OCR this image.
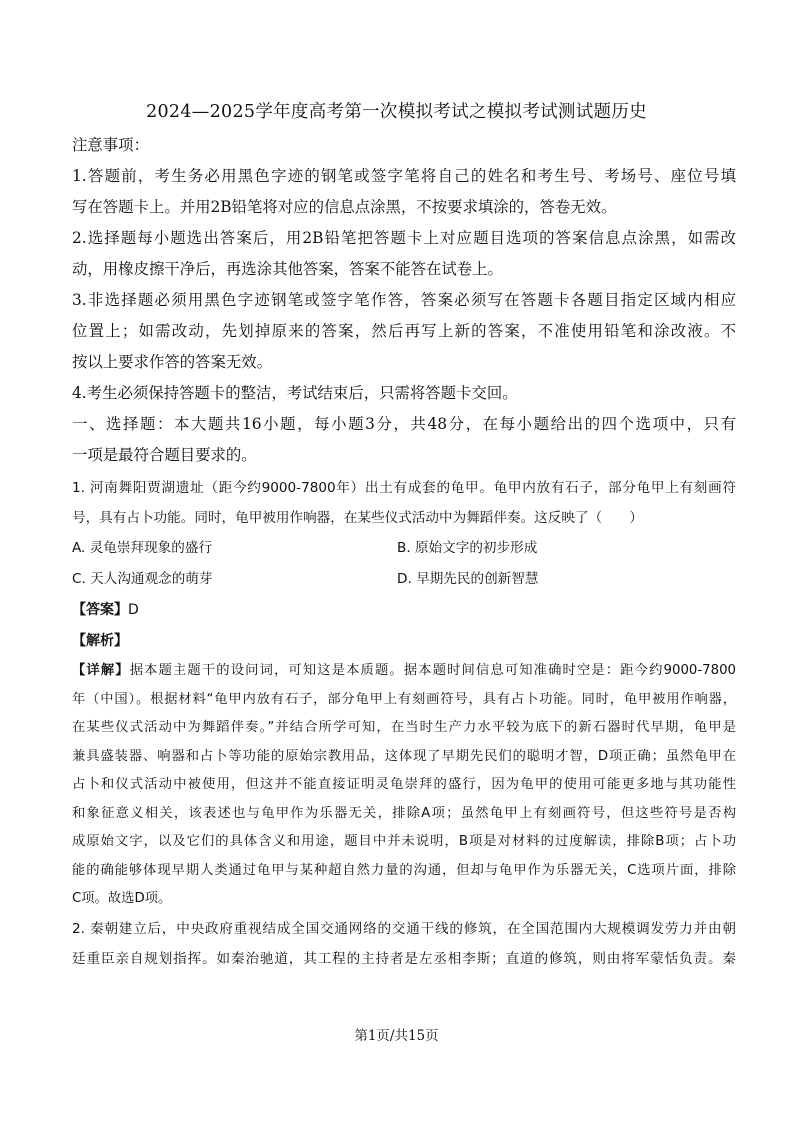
2024—2025学年度高考第一次模拟考试之模拟考试测试题历史
注意事项：
1.答题前，考生务必用黑色字迹的钢笔或签字笔将自己的姓名和考生号、考场号、座位号填
写在答题卡上。并用2B铅笔将对应的信息点涂黑，不按要求填涂的，答卷无效。
2.选择题每小题选出答案后，用2B铅笔把答题卡上对应题目选项的答案信息点涂黑，如需改
动，用橡皮擦干净后，再选涂其他答案，答案不能答在试卷上。
3.非选择题必须用黑色字迹钢笔或签字笔作答，答案必须写在答题卡各题目指定区域内相应
位置上；如需改动，先划掉原来的答案，然后再写上新的答案，不准使用铅笔和涂改液。不
按以上要求作答的答案无效。
4.考生必须保持答题卡的整洁，考试结束后，只需将答题卡交回。
一、选择题：本大题共16小题，每小题3分，共48分，在每小题给出的四个选项中，只有
一项是最符合题目要求的。
1. 河南舞阳贾湖遗址（距今约9000-7800年）出土有成套的龟甲。龟甲内放有石子，部分龟甲上有刻画符
号，具有占卜功能。同时，龟甲被用作响器，在某些仪式活动中为舞蹈伴奏。这反映了（　　）
A. 灵龟崇拜现象的盛行	B. 原始文字的初步形成
C. 天人沟通观念的萌芽	D. 早期先民的创新智慧
【答案】D
【解析】
【详解】据本题主题干的设问词，可知这是本质题。据本题时间信息可知准确时空是：距今约9000-7800
年（中国）。根据材料“龟甲内放有石子，部分龟甲上有刻画符号，具有占卜功能。同时，龟甲被用作响器，
在某些仪式活动中为舞蹈伴奏。”并结合所学可知，在当时生产力水平较为底下的新石器时代早期，龟甲是
兼具盛装器、响器和占卜等功能的原始宗教用品，这体现了早期先民们的聪明才智，D项正确；虽然龟甲在
占卜和仪式活动中被使用，但这并不能直接证明灵龟崇拜的盛行，因为龟甲的使用可能更多地与其功能性
和象征意义相关，该表述也与龟甲作为乐器无关，排除A项；虽然龟甲上有刻画符号，但这些符号是否构
成原始文字，以及它们的具体含义和用途，题目中并未说明，B项是对材料的过度解读，排除B项；占卜功
能的确能够体现早期人类通过龟甲与某种超自然力量的沟通，但却与龟甲作为乐器无关，C选项片面，排除
C项。故选D项。
2. 秦朝建立后，中央政府重视结成全国交通网络的交通干线的修筑，在全国范围内大规模调发劳力并由朝
廷重臣亲自规划指挥。如秦治驰道，其工程的主持者是左丞相李斯；直道的修筑，则由将军蒙恬负责。秦
第1页/共15页
